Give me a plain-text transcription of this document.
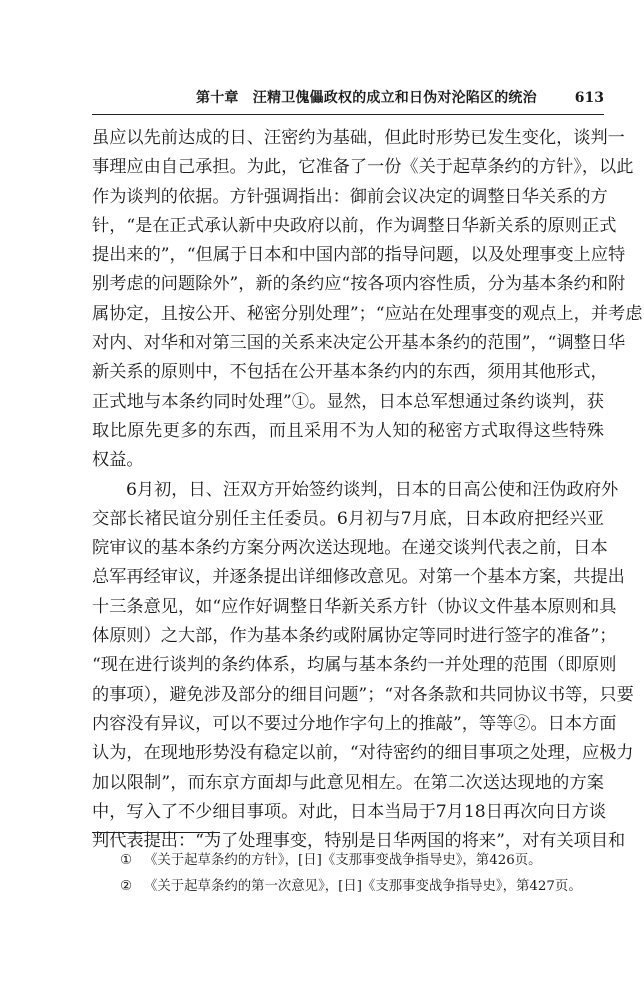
第十章　汪精卫傀儡政权的成立和日伪对沦陷区的统治	613
虽应以先前达成的日、汪密约为基础，但此时形势已发生变化，谈判一
事理应由自己承担。为此，它准备了一份《关于起草条约的方针》，以此
作为谈判的依据。方针强调指出：御前会议决定的调整日华关系的方
针，“是在正式承认新中央政府以前，作为调整日华新关系的原则正式
提出来的”，“但属于日本和中国内部的指导问题，以及处理事变上应特
别考虑的问题除外”，新的条约应“按各项内容性质，分为基本条约和附
属协定，且按公开、秘密分别处理”；“应站在处理事变的观点上，并考虑
对内、对华和对第三国的关系来决定公开基本条约的范围”，“调整日华
新关系的原则中，不包括在公开基本条约内的东西，须用其他形式，
正式地与本条约同时处理”①。显然，日本总军想通过条约谈判，获
取比原先更多的东西，而且采用不为人知的秘密方式取得这些特殊
权益。
6月初，日、汪双方开始签约谈判，日本的日高公使和汪伪政府外
交部长褚民谊分别任主任委员。6月初与7月底，日本政府把经兴亚
院审议的基本条约方案分两次送达现地。在递交谈判代表之前，日本
总军再经审议，并逐条提出详细修改意见。对第一个基本方案，共提出
十三条意见，如“应作好调整日华新关系方针（协议文件基本原则和具
体原则）之大部，作为基本条约或附属协定等同时进行签字的准备”；
“现在进行谈判的条约体系，均属与基本条约一并处理的范围（即原则
的事项），避免涉及部分的细目问题”；“对各条款和共同协议书等，只要
内容没有异议，可以不要过分地作字句上的推敲”，等等②。日本方面
认为，在现地形势没有稳定以前，“对待密约的细目事项之处理，应极力
加以限制”，而东京方面却与此意见相左。在第二次送达现地的方案
中，写入了不少细目事项。对此，日本当局于7月18日再次向日方谈
判代表提出：“为了处理事变，特别是日华两国的将来”，对有关项目和
① 《关于起草条约的方针》，[日]《支那事变战争指导史》，第426页。
② 《关于起草条约的第一次意见》，[日]《支那事变战争指导史》，第427页。
